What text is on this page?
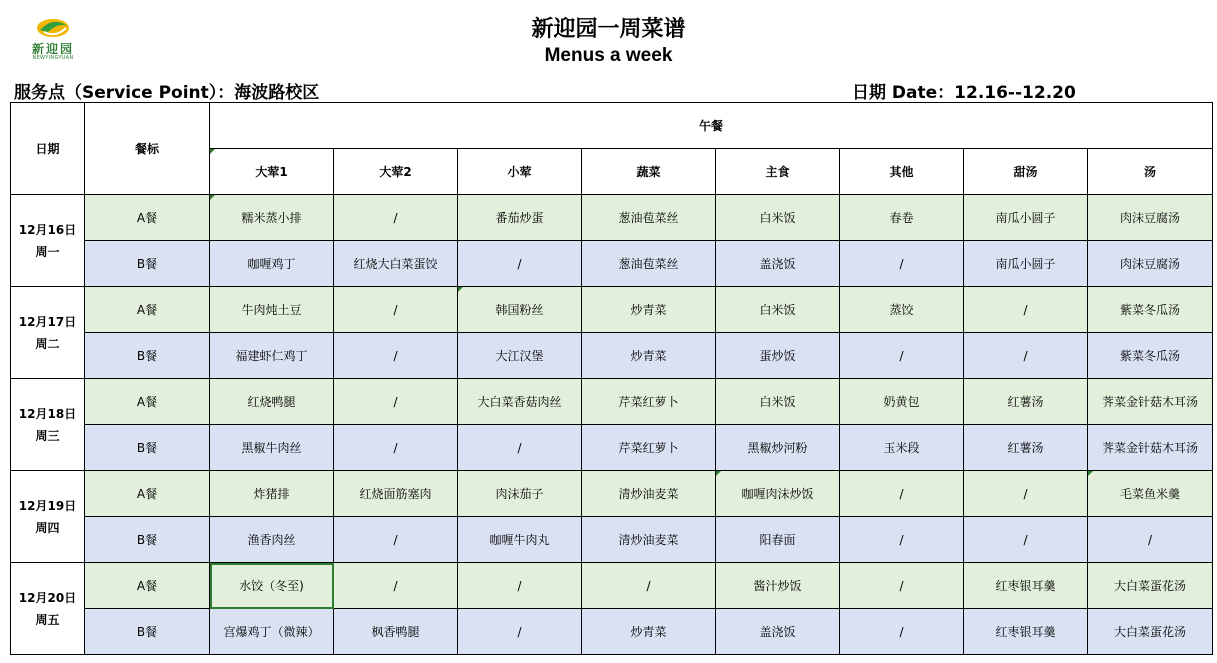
新迎园
NEWYINGYUAN
新迎园一周菜谱
Menus a week
服务点（Service Point）：海波路校区	日期 Date：12.16--12.20
日期	餐标	午餐							
		大荤1	大荤2	小荤	蔬菜	主食	其他	甜汤	汤

12月16日
周一	A餐	糯米蒸小排	/	番茄炒蛋	葱油苞菜丝	白米饭	春卷	南瓜小圆子	肉沫豆腐汤
	B餐	咖喱鸡丁	红烧大白菜蛋饺	/	葱油苞菜丝	盖浇饭	/	南瓜小圆子	肉沫豆腐汤

12月17日
周二	A餐	牛肉炖土豆	/	韩国粉丝	炒青菜	白米饭	蒸饺	/	紫菜冬瓜汤
	B餐	福建虾仁鸡丁	/	大江汉堡	炒青菜	蛋炒饭	/	/	紫菜冬瓜汤

12月18日
周三	A餐	红烧鸭腿	/	大白菜香菇肉丝	芹菜红萝卜	白米饭	奶黄包	红薯汤	荠菜金针菇木耳汤
	B餐	黑椒牛肉丝	/	/	芹菜红萝卜	黑椒炒河粉	玉米段	红薯汤	荠菜金针菇木耳汤

12月19日
周四	A餐	炸猪排	红烧面筋塞肉	肉沫茄子	清炒油麦菜	咖喱肉沫炒饭	/	/	毛菜鱼米羹
	B餐	渔香肉丝	/	咖喱牛肉丸	清炒油麦菜	阳春面	/	/	/

12月20日
周五	A餐	水饺（冬至)	/	/	/	酱汁炒饭	/	红枣银耳羹	大白菜蛋花汤
	B餐	宫爆鸡丁（微辣）	枫香鸭腿	/	炒青菜	盖浇饭	/	红枣银耳羹	大白菜蛋花汤
